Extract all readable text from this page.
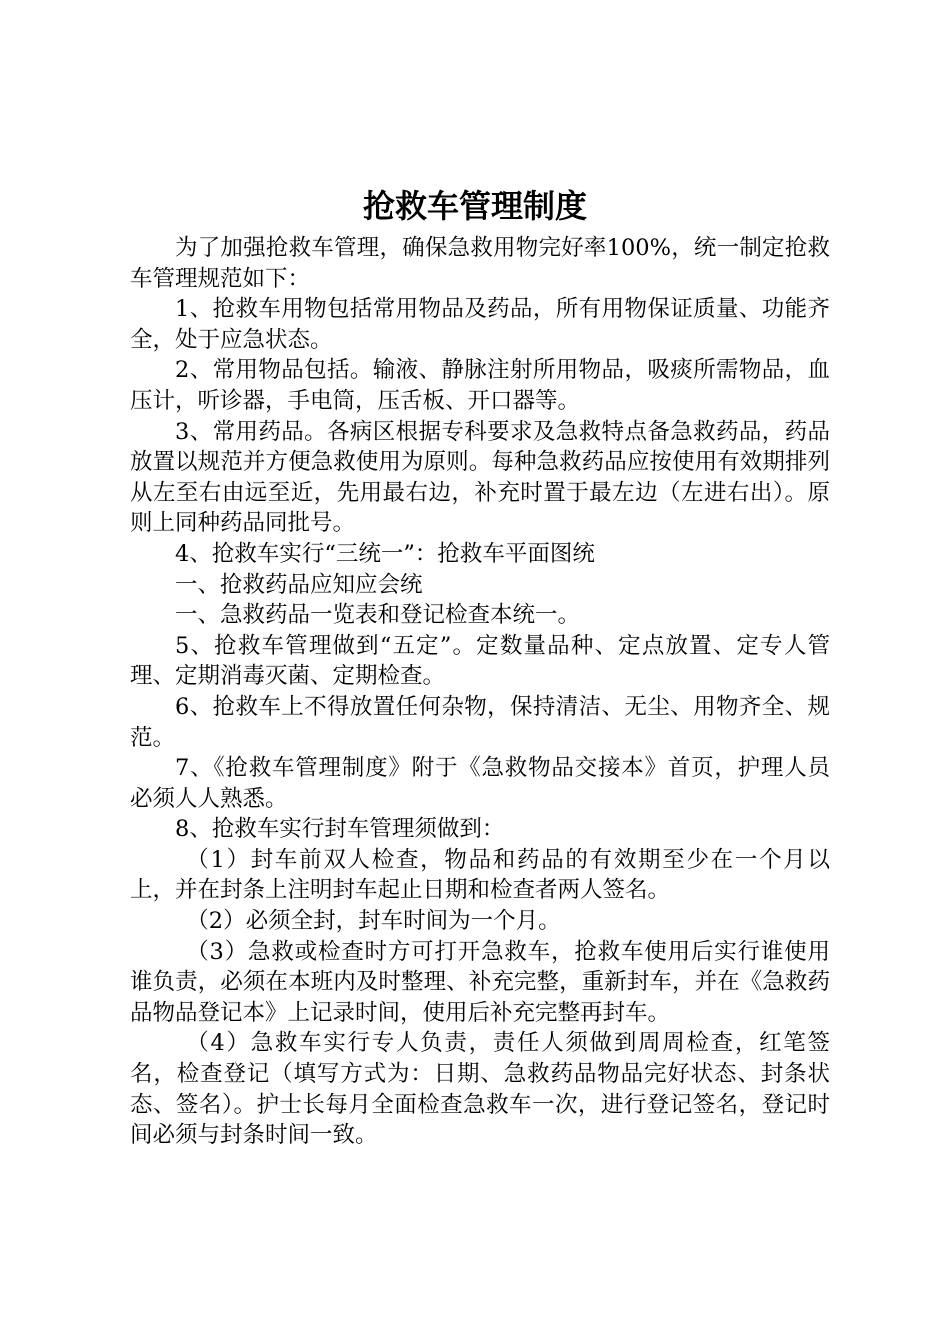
抢救车管理制度

为了加强抢救车管理，确保急救用物完好率100%，统一制定抢救车管理规范如下：

1、抢救车用物包括常用物品及药品，所有用物保证质量、功能齐全，处于应急状态。

2、常用物品包括。输液、静脉注射所用物品，吸痰所需物品，血压计，听诊器，手电筒，压舌板、开口器等。

3、常用药品。各病区根据专科要求及急救特点备急救药品，药品放置以规范并方便急救使用为原则。每种急救药品应按使用有效期排列从左至右由远至近，先用最右边，补充时置于最左边（左进右出）。原则上同种药品同批号。

4、抢救车实行“三统一”：抢救车平面图统

一、抢救药品应知应会统

一、急救药品一览表和登记检查本统一。

5、抢救车管理做到“五定”。定数量品种、定点放置、定专人管理、定期消毒灭菌、定期检查。

6、抢救车上不得放置任何杂物，保持清洁、无尘、用物齐全、规范。

7、《抢救车管理制度》附于《急救物品交接本》首页，护理人员必须人人熟悉。

8、抢救车实行封车管理须做到：

（1）封车前双人检查，物品和药品的有效期至少在一个月以上，并在封条上注明封车起止日期和检查者两人签名。

（2）必须全封，封车时间为一个月。

（3）急救或检查时方可打开急救车，抢救车使用后实行谁使用谁负责，必须在本班内及时整理、补充完整，重新封车，并在《急救药品物品登记本》上记录时间，使用后补充完整再封车。

（4）急救车实行专人负责，责任人须做到周周检查，红笔签名，检查登记（填写方式为：日期、急救药品物品完好状态、封条状态、签名）。护士长每月全面检查急救车一次，进行登记签名，登记时间必须与封条时间一致。
